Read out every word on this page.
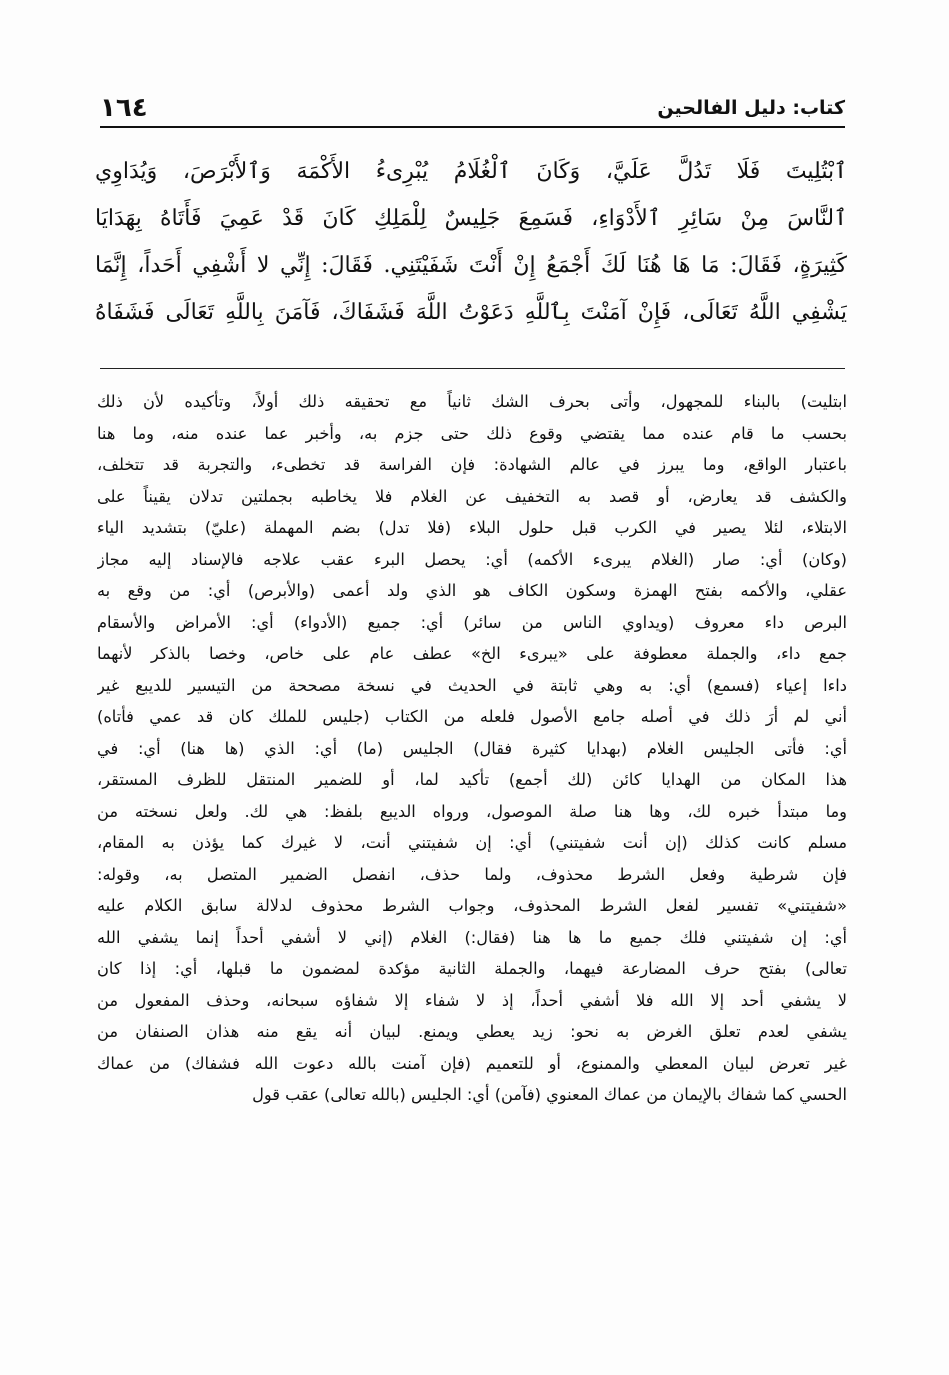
١٦٤	كتاب: دليل الفالحين
ٱبْتُلِيتَ فَلَا تَدُلَّ عَلَيَّ، وَكَانَ ٱلْغُلَامُ يُبْرِىءُ الأَكْمَهَ وَٱلأَبْرَصَ، وَيُدَاوِي
ٱلنَّاسَ مِنْ سَائِرِ ٱلأَدْوَاءِ، فَسَمِعَ جَلِيسٌ لِلْمَلِكِ كَانَ قَدْ عَمِيَ فَأَتَاهُ بِهَدَايَا
كَثِيرَةٍ، فَقَالَ: مَا هَا هُنَا لَكَ أَجْمَعُ إِنْ أَنْتَ شَفَيْتَنِي. فَقَالَ: إِنِّي لا أَشْفِي أَحَداً، إِنَّمَا
يَشْفِي اللَّهُ تَعَالَى، فَإِنْ آمَنْتَ بِٱللَّهِ دَعَوْتُ اللَّهَ فَشَفَاكَ، فَآمَنَ بِاللَّهِ تَعَالَى فَشَفَاهُ
ابتليت) بالبناء للمجهول، وأتى بحرف الشك ثانياً مع تحقيقه ذلك أولاً، وتأكيده لأن ذلك
بحسب ما قام عنده مما يقتضي وقوع ذلك حتى جزم به، وأخبر عما عنده منه، وما هنا
باعتبار الواقع، وما يبرز في عالم الشهادة: فإن الفراسة قد تخطىء، والتجربة قد تتخلف،
والكشف قد يعارض، أو قصد به التخفيف عن الغلام فلا يخاطبه بجملتين تدلان يقيناً على
الابتلاء، لئلا يصير في الكرب قبل حلول البلاء (فلا تدل) بضم المهملة (عليّ) بتشديد الياء
(وكان) أي: صار (الغلام يبرىء الأكمه) أي: يحصل البرء عقب علاجه فالإسناد إليه مجاز
عقلي، والأكمه بفتح الهمزة وسكون الكاف هو الذي ولد أعمى (والأبرص) أي: من وقع به
البرص داء معروف (ويداوي الناس من سائر) أي: جميع (الأدواء) أي: الأمراض والأسقام
جمع داء، والجملة معطوفة على «يبرىء الخ» عطف عام على خاص، وخصا بالذكر لأنهما
داءا إعياء (فسمع) أي: به وهي ثابتة في الحديث في نسخة مصححة من التيسير للديبع غير
أني لم أرَ ذلك في أصله جامع الأصول فلعله من الكتاب (جليس للملك كان قد عمي فأتاه)
أي: فأتى الجليس الغلام (بهدايا كثيرة فقال) الجليس (ما) أي: الذي (ها هنا) أي: في
هذا المكان من الهدايا كائن (لك أجمع) تأكيد لما، أو للضمير المنتقل للظرف المستقر،
وما مبتدأ خبره لك، وها هنا صلة الموصول، ورواه الديبع بلفظ: هي لك. ولعل نسخته من
مسلم كانت كذلك (إن أنت شفيتني) أي: إن شفيتني أنت، لا غيرك كما يؤذن به المقام،
فإن شرطية وفعل الشرط محذوف، ولما حذف، انفصل الضمير المتصل به، وقوله:
«شفيتني» تفسير لفعل الشرط المحذوف، وجواب الشرط محذوف لدلالة سابق الكلام عليه
أي: إن شفيتني فلك جميع ما ها هنا (فقال:) الغلام (إني لا أشفي أحداً إنما يشفي الله
تعالى) بفتح حرف المضارعة فيهما، والجملة الثانية مؤكدة لمضمون ما قبلها، أي: إذا كان
لا يشفي أحد إلا الله فلا أشفي أحداً، إذ لا شفاء إلا شفاؤه سبحانه، وحذف المفعول من
يشفي لعدم تعلق الغرض به نحو: زيد يعطي ويمنع. لبيان أنه يقع منه هذان الصنفان من
غير تعرض لبيان المعطي والممنوع، أو للتعميم (فإن آمنت بالله دعوت الله فشفاك) من عماك
الحسي كما شفاك بالإيمان من عماك المعنوي (فآمن) أي: الجليس (بالله تعالى) عقب قول
